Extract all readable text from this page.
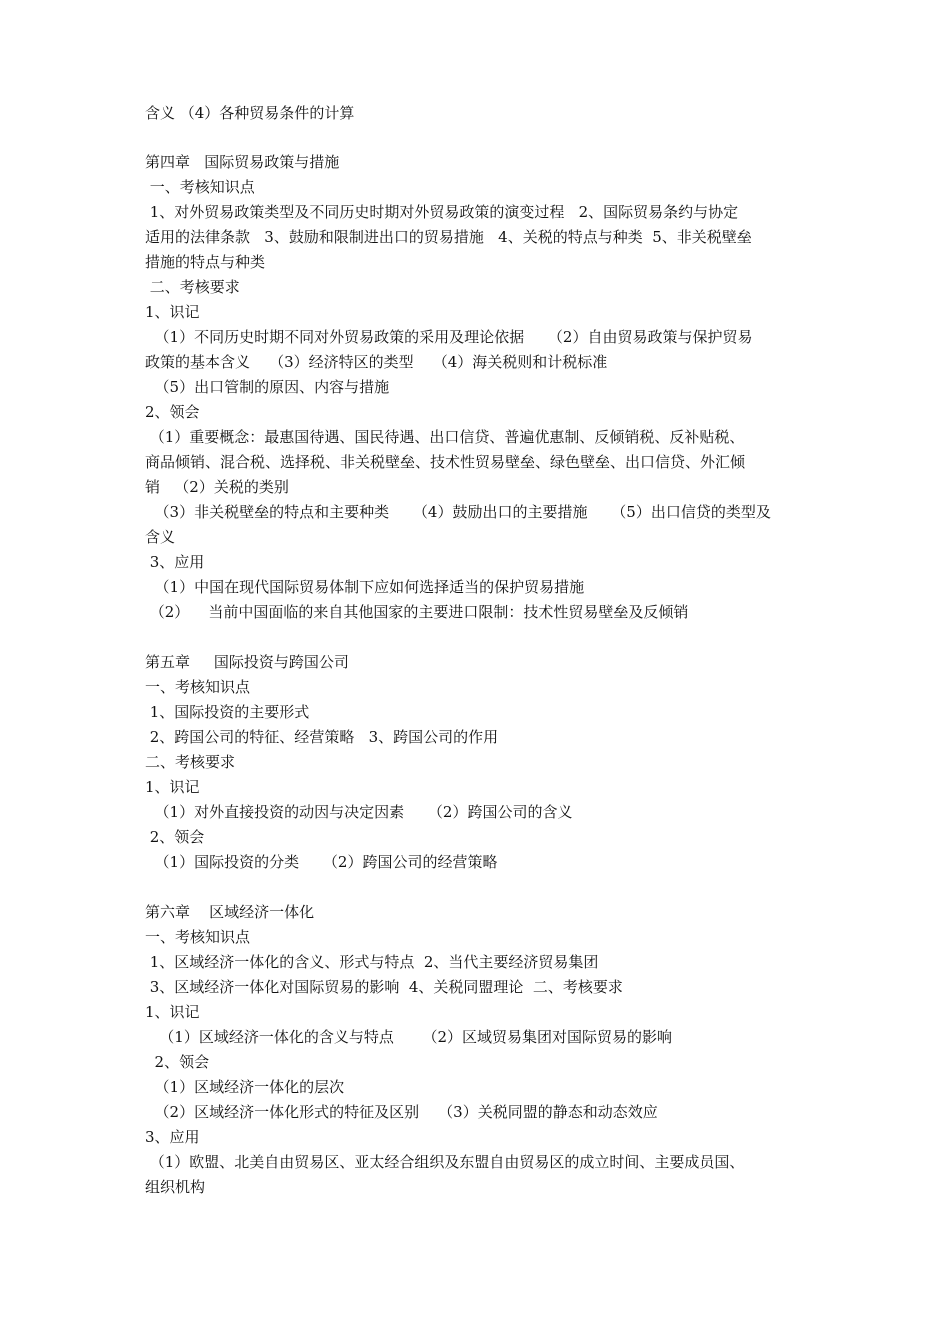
含义 （4）各种贸易条件的计算
第四章   国际贸易政策与措施
一、考核知识点
1、对外贸易政策类型及不同历史时期对外贸易政策的演变过程   2、国际贸易条约与协定
适用的法律条款   3、鼓励和限制进出口的贸易措施   4、关税的特点与种类  5、非关税壁垒
措施的特点与种类
二、考核要求
1、识记
（1）不同历史时期不同对外贸易政策的采用及理论依据     （2）自由贸易政策与保护贸易
政策的基本含义    （3）经济特区的类型    （4）海关税则和计税标准
（5）出口管制的原因、内容与措施
2、领会
（1）重要概念：最惠国待遇、国民待遇、出口信贷、普遍优惠制、反倾销税、反补贴税、
商品倾销、混合税、选择税、非关税壁垒、技术性贸易壁垒、绿色壁垒、出口信贷、外汇倾
销   （2）关税的类别
（3）非关税壁垒的特点和主要种类     （4）鼓励出口的主要措施     （5）出口信贷的类型及
含义
3、应用
（1）中国在现代国际贸易体制下应如何选择适当的保护贸易措施
（2）    当前中国面临的来自其他国家的主要进口限制：技术性贸易壁垒及反倾销
第五章     国际投资与跨国公司
一、考核知识点
1、国际投资的主要形式
2、跨国公司的特征、经营策略   3、跨国公司的作用
二、考核要求
1、识记
（1）对外直接投资的动因与决定因素     （2）跨国公司的含义
2、领会
（1）国际投资的分类     （2）跨国公司的经营策略
第六章    区域经济一体化
一、考核知识点
1、区域经济一体化的含义、形式与特点  2、当代主要经济贸易集团
3、区域经济一体化对国际贸易的影响  4、关税同盟理论  二、考核要求
1、识记
（1）区域经济一体化的含义与特点      （2）区域贸易集团对国际贸易的影响
2、领会
（1）区域经济一体化的层次
（2）区域经济一体化形式的特征及区别    （3）关税同盟的静态和动态效应
3、应用
（1）欧盟、北美自由贸易区、亚太经合组织及东盟自由贸易区的成立时间、主要成员国、
组织机构
